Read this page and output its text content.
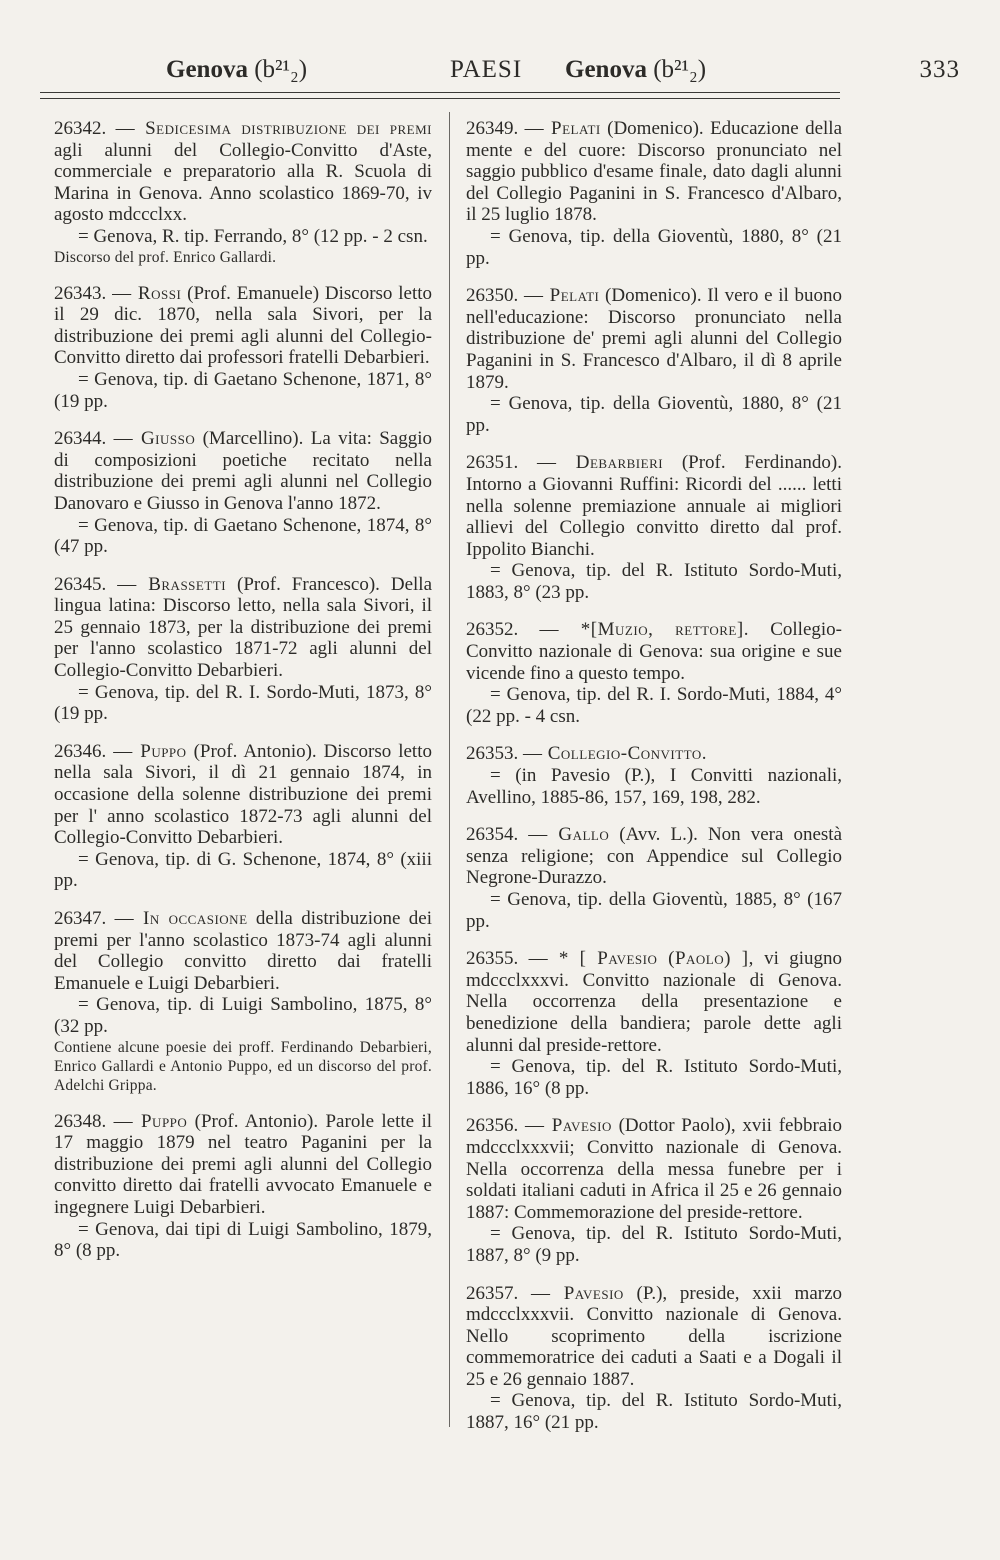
Genova (b²¹₂)	PAESI Genova (b²¹₂)	333

26342. — Sedicesima distribuzione dei premi agli alunni del Collegio-Convitto d'Aste, commerciale e preparatorio alla R. Scuola di Marina in Genova. Anno scolastico 1869-70, iv agosto mdccclxx.

= Genova, R. tip. Ferrando, 8° (12 pp. - 2 csn.

Discorso del prof. Enrico Gallardi.

26343. — Rossi (Prof. Emanuele) Discorso letto il 29 dic. 1870, nella sala Sivori, per la distribuzione dei premi agli alunni del Collegio-Convitto diretto dai professori fratelli Debarbieri.

= Genova, tip. di Gaetano Schenone, 1871, 8° (19 pp.

26344. — Giusso (Marcellino). La vita: Saggio di composizioni poetiche recitato nella distribuzione dei premi agli alunni nel Collegio Danovaro e Giusso in Genova l'anno 1872.

= Genova, tip. di Gaetano Schenone, 1874, 8° (47 pp.

26345. — Brassetti (Prof. Francesco). Della lingua latina: Discorso letto, nella sala Sivori, il 25 gennaio 1873, per la distribuzione dei premi per l'anno scolastico 1871-72 agli alunni del Collegio-Convitto Debarbieri.

= Genova, tip. del R. I. Sordo-Muti, 1873, 8° (19 pp.

26346. — Puppo (Prof. Antonio). Discorso letto nella sala Sivori, il dì 21 gennaio 1874, in occasione della solenne distribuzione dei premi per l' anno scolastico 1872-73 agli alunni del Collegio-Convitto Debarbieri.

= Genova, tip. di G. Schenone, 1874, 8° (xiii pp.

26347. — In occasione della distribuzione dei premi per l'anno scolastico 1873-74 agli alunni del Collegio convitto diretto dai fratelli Emanuele e Luigi Debarbieri.

= Genova, tip. di Luigi Sambolino, 1875, 8° (32 pp.

Contiene alcune poesie dei proff. Ferdinando Debarbieri, Enrico Gallardi e Antonio Puppo, ed un discorso del prof. Adelchi Grippa.

26348. — Puppo (Prof. Antonio). Parole lette il 17 maggio 1879 nel teatro Paganini per la distribuzione dei premi agli alunni del Collegio convitto diretto dai fratelli avvocato Emanuele e ingegnere Luigi Debarbieri.

= Genova, dai tipi di Luigi Sambolino, 1879, 8° (8 pp.

26349. — Pelati (Domenico). Educazione della mente e del cuore: Discorso pronunciato nel saggio pubblico d'esame finale, dato dagli alunni del Collegio Paganini in S. Francesco d'Albaro, il 25 luglio 1878.

= Genova, tip. della Gioventù, 1880, 8° (21 pp.

26350. — Pelati (Domenico). Il vero e il buono nell'educazione: Discorso pronunciato nella distribuzione de' premi agli alunni del Collegio Paganini in S. Francesco d'Albaro, il dì 8 aprile 1879.

= Genova, tip. della Gioventù, 1880, 8° (21 pp.

26351. — Debarbieri (Prof. Ferdinando). Intorno a Giovanni Ruffini: Ricordi del ...... letti nella solenne premiazione annuale ai migliori allievi del Collegio convitto diretto dal prof. Ippolito Bianchi.

= Genova, tip. del R. Istituto Sordo-Muti, 1883, 8° (23 pp.

26352. — *[Muzio, rettore]. Collegio-Convitto nazionale di Genova: sua origine e sue vicende fino a questo tempo.

= Genova, tip. del R. I. Sordo-Muti, 1884, 4° (22 pp. - 4 csn.

26353. — Collegio-Convitto.

= (in Pavesio (P.), I Convitti nazionali, Avellino, 1885-86, 157, 169, 198, 282.

26354. — Gallo (Avv. L.). Non vera onestà senza religione; con Appendice sul Collegio Negrone-Durazzo.

= Genova, tip. della Gioventù, 1885, 8° (167 pp.

26355. — * [ Pavesio (Paolo) ], vi giugno mdccclxxxvi. Convitto nazionale di Genova. Nella occorrenza della presentazione e benedizione della bandiera; parole dette agli alunni dal preside-rettore.

= Genova, tip. del R. Istituto Sordo-Muti, 1886, 16° (8 pp.

26356. — Pavesio (Dottor Paolo), xvii febbraio mdccclxxxvii; Convitto nazionale di Genova. Nella occorrenza della messa funebre per i soldati italiani caduti in Africa il 25 e 26 gennaio 1887: Commemorazione del preside-rettore.

= Genova, tip. del R. Istituto Sordo-Muti, 1887, 8° (9 pp.

26357. — Pavesio (P.), preside, xxii marzo mdccclxxxvii. Convitto nazionale di Genova. Nello scoprimento della iscrizione commemoratrice dei caduti a Saati e a Dogali il 25 e 26 gennaio 1887.

= Genova, tip. del R. Istituto Sordo-Muti, 1887, 16° (21 pp.
